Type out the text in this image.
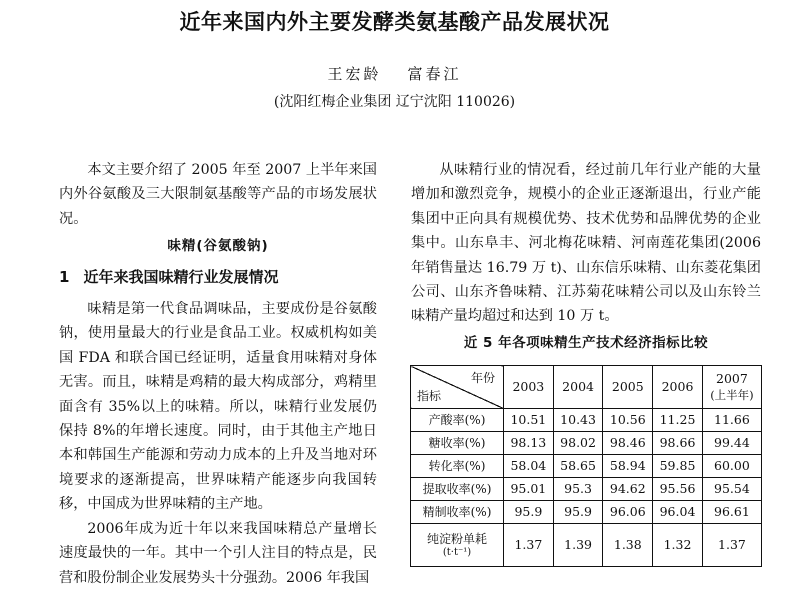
近年来国内外主要发酵类氨基酸产品发展状况
王宏龄 富春江
(沈阳红梅企业集团 辽宁沈阳 110026)

本文主要介绍了 2005 年至 2007 上半年来国内外谷氨酸及三大限制氨基酸等产品的市场发展状况。

味精(谷氨酸钠)
1 近年来我国味精行业发展情况

味精是第一代食品调味品，主要成份是谷氨酸钠，使用量最大的行业是食品工业。权威机构如美国 FDA 和联合国已经证明，适量食用味精对身体无害。而且，味精是鸡精的最大构成部分，鸡精里面含有 35%以上的味精。所以，味精行业发展仍保持 8%的年增长速度。同时，由于其他主产地日本和韩国生产能源和劳动力成本的上升及当地对环境要求的逐渐提高，世界味精产能逐步向我国转移，中国成为世界味精的主产地。

2006年成为近十年以来我国味精总产量增长速度最快的一年。其中一个引人注目的特点是，民营和股份制企业发展势头十分强劲。2006 年我国

从味精行业的情况看，经过前几年行业产能的大量增加和激烈竞争，规模小的企业正逐渐退出，行业产能集团中正向具有规模优势、技术优势和品牌优势的企业集中。山东阜丰、河北梅花味精、河南莲花集团(2006 年销售量达 16.79 万 t)、山东信乐味精、山东菱花集团公司、山东齐鲁味精、江苏菊花味精公司以及山东铃兰味精产量均超过和达到 10 万 t。

近 5 年各项味精生产技术经济指标比较
年份
指标	2003	2004	2005	2006	2007
(上半年)

产酸率(%)	10.51	10.43	10.56	11.25	11.66
糖收率(%)	98.13	98.02	98.46	98.66	99.44
转化率(%)	58.04	58.65	58.94	59.85	60.00
提取收率(%)	95.01	95.3	94.62	95.56	95.54
精制收率(%)	95.9	95.9	96.06	96.04	96.61

纯淀粉单耗
(t·t⁻¹)	1.37	1.39	1.38	1.32	1.37
